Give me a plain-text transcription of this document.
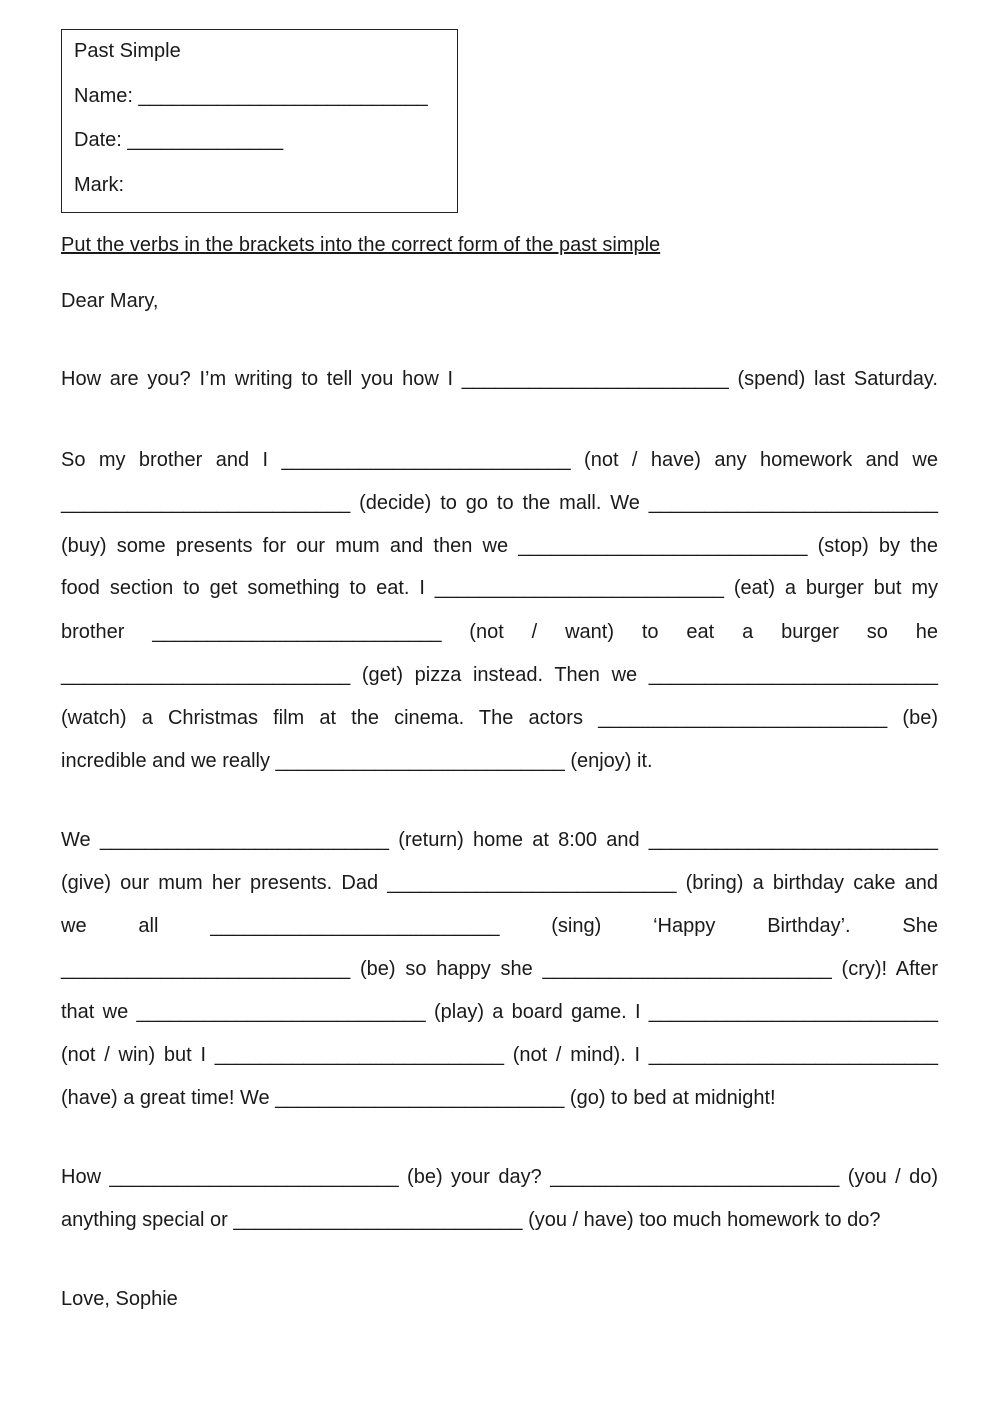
Past Simple
Name: __________________________
Date: ______________
Mark:
Put the verbs in the brackets into the correct form of the past simple
Dear Mary,
How are you? I’m writing to tell you how I ________________________ (spend) last Saturday.
So my brother and I __________________________ (not / have) any homework and we
__________________________ (decide) to go to the mall. We __________________________
(buy) some presents for our mum and then we __________________________ (stop) by the
food section to get something to eat. I __________________________ (eat) a burger but my
brother __________________________ (not / want) to eat a burger so he
__________________________ (get) pizza instead. Then we __________________________
(watch) a Christmas film at the cinema. The actors __________________________ (be)
incredible and we really __________________________ (enjoy) it.
We __________________________ (return) home at 8:00 and __________________________
(give) our mum her presents. Dad __________________________ (bring) a birthday cake and
we all __________________________ (sing) ‘Happy Birthday’. She
__________________________ (be) so happy she __________________________ (cry)! After
that we __________________________ (play) a board game. I __________________________
(not / win) but I __________________________ (not / mind). I __________________________
(have) a great time! We __________________________ (go) to bed at midnight!
How __________________________ (be) your day? __________________________ (you / do)
anything special or __________________________ (you / have) too much homework to do?
Love, Sophie
